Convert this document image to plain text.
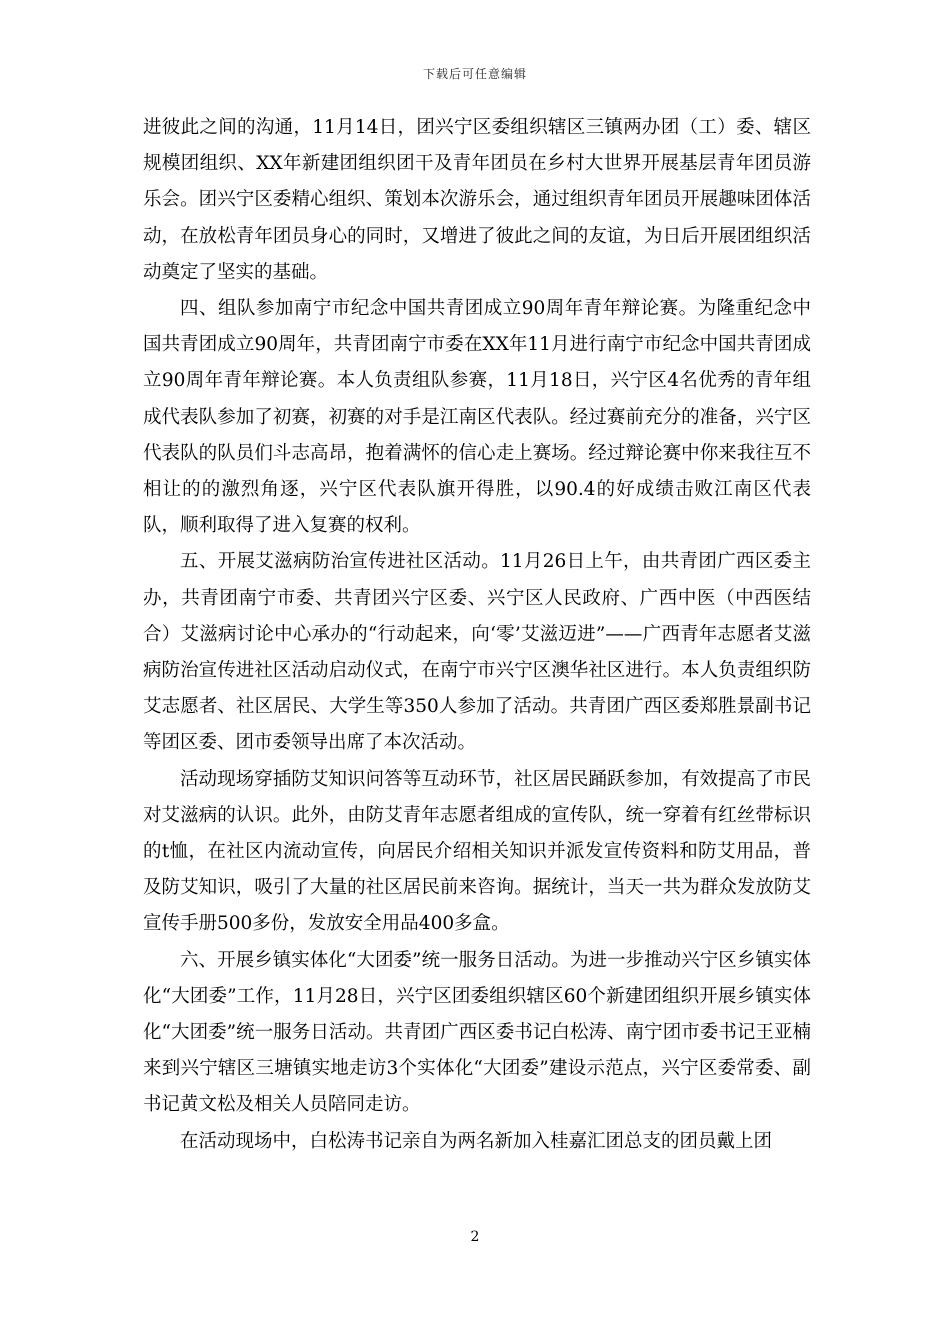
下载后可任意编辑

进彼此之间的沟通，11月14日，团兴宁区委组织辖区三镇两办团（工）委、辖区规模团组织、XX年新建团组织团干及青年团员在乡村大世界开展基层青年团员游乐会。团兴宁区委精心组织、策划本次游乐会，通过组织青年团员开展趣味团体活动，在放松青年团员身心的同时，又增进了彼此之间的友谊，为日后开展团组织活动奠定了坚实的基础。

四、组队参加南宁市纪念中国共青团成立90周年青年辩论赛。为隆重纪念中国共青团成立90周年，共青团南宁市委在XX年11月进行南宁市纪念中国共青团成立90周年青年辩论赛。本人负责组队参赛，11月18日，兴宁区4名优秀的青年组成代表队参加了初赛，初赛的对手是江南区代表队。经过赛前充分的准备，兴宁区代表队的队员们斗志高昂，抱着满怀的信心走上赛场。经过辩论赛中你来我往互不相让的的激烈角逐，兴宁区代表队旗开得胜，以90.4的好成绩击败江南区代表队，顺利取得了进入复赛的权利。

五、开展艾滋病防治宣传进社区活动。11月26日上午，由共青团广西区委主办，共青团南宁市委、共青团兴宁区委、兴宁区人民政府、广西中医（中西医结合）艾滋病讨论中心承办的“行动起来，向‘零’艾滋迈进”——广西青年志愿者艾滋病防治宣传进社区活动启动仪式，在南宁市兴宁区澳华社区进行。本人负责组织防艾志愿者、社区居民、大学生等350人参加了活动。共青团广西区委郑胜景副书记等团区委、团市委领导出席了本次活动。

活动现场穿插防艾知识问答等互动环节，社区居民踊跃参加，有效提高了市民对艾滋病的认识。此外，由防艾青年志愿者组成的宣传队，统一穿着有红丝带标识的t恤，在社区内流动宣传，向居民介绍相关知识并派发宣传资料和防艾用品，普及防艾知识，吸引了大量的社区居民前来咨询。据统计，当天一共为群众发放防艾宣传手册500多份，发放安全用品400多盒。

六、开展乡镇实体化“大团委”统一服务日活动。为进一步推动兴宁区乡镇实体化“大团委”工作，11月28日，兴宁区团委组织辖区60个新建团组织开展乡镇实体化“大团委”统一服务日活动。共青团广西区委书记白松涛、南宁团市委书记王亚楠来到兴宁辖区三塘镇实地走访3个实体化“大团委”建设示范点，兴宁区委常委、副书记黄文松及相关人员陪同走访。

在活动现场中，白松涛书记亲自为两名新加入桂嘉汇团总支的团员戴上团

2
